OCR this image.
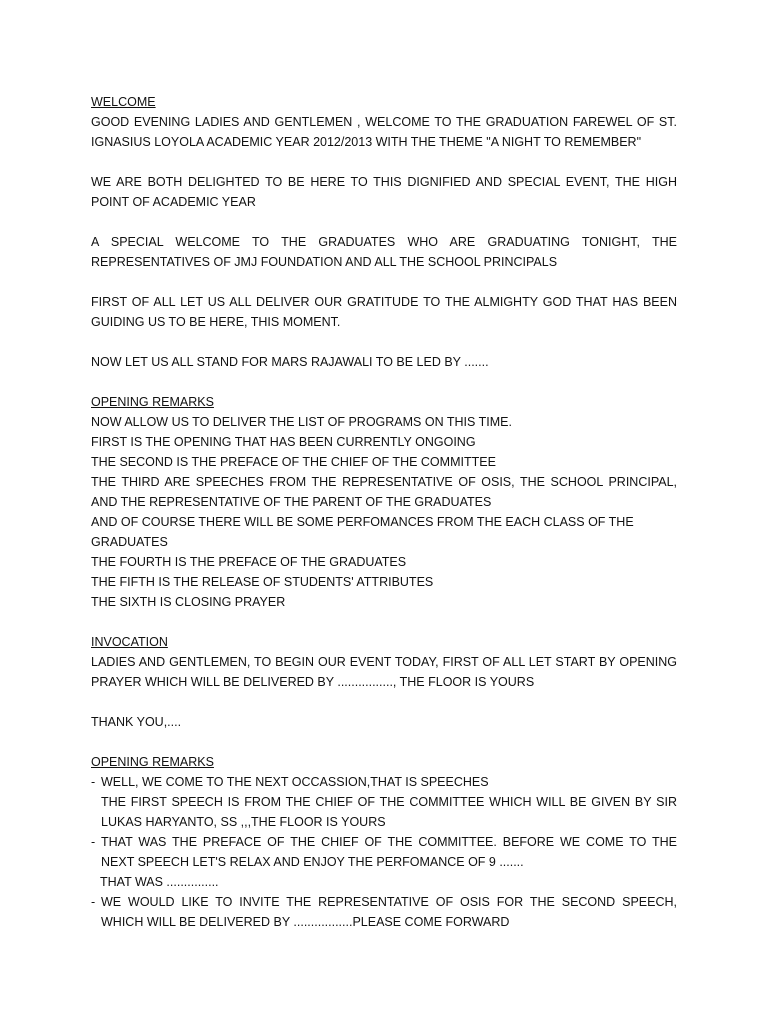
WELCOME

GOOD EVENING LADIES AND GENTLEMEN , WELCOME TO THE GRADUATION FAREWEL OF ST. IGNASIUS LOYOLA ACADEMIC YEAR 2012/2013 WITH THE THEME "A NIGHT TO REMEMBER"

WE ARE BOTH DELIGHTED TO BE HERE TO THIS DIGNIFIED AND SPECIAL EVENT, THE HIGH POINT OF ACADEMIC YEAR

A SPECIAL WELCOME TO THE GRADUATES WHO ARE GRADUATING TONIGHT, THE REPRESENTATIVES OF JMJ FOUNDATION AND ALL THE SCHOOL PRINCIPALS

FIRST OF ALL LET US ALL DELIVER OUR GRATITUDE TO THE ALMIGHTY GOD THAT HAS BEEN GUIDING US TO BE HERE, THIS MOMENT.

NOW LET US ALL STAND FOR MARS RAJAWALI TO BE LED BY .......

OPENING REMARKS

NOW ALLOW US TO DELIVER THE LIST OF PROGRAMS ON THIS TIME.

FIRST IS THE OPENING THAT HAS BEEN CURRENTLY ONGOING

THE SECOND IS THE PREFACE OF THE CHIEF OF THE COMMITTEE

THE THIRD ARE SPEECHES FROM THE REPRESENTATIVE OF OSIS, THE SCHOOL PRINCIPAL, AND THE REPRESENTATIVE OF THE PARENT OF THE GRADUATES

AND OF COURSE THERE WILL BE SOME PERFOMANCES FROM THE EACH CLASS OF THE GRADUATES

THE FOURTH IS THE PREFACE OF THE GRADUATES

THE FIFTH IS THE RELEASE OF STUDENTS' ATTRIBUTES

THE SIXTH IS CLOSING PRAYER

INVOCATION

LADIES AND GENTLEMEN, TO BEGIN OUR EVENT TODAY, FIRST OF ALL LET START BY OPENING PRAYER WHICH WILL BE DELIVERED BY ................, THE FLOOR IS YOURS

THANK YOU,....

OPENING REMARKS
- WELL, WE COME TO THE NEXT OCCASSION,THAT IS SPEECHES

THE FIRST SPEECH IS FROM THE CHIEF OF THE COMMITTEE WHICH WILL BE GIVEN BY SIR LUKAS HARYANTO, SS ,,,THE FLOOR IS YOURS

- THAT WAS THE PREFACE OF THE CHIEF OF THE COMMITTEE. BEFORE WE COME TO THE NEXT SPEECH LET'S RELAX AND ENJOY THE PERFOMANCE OF 9 .......

THAT WAS ...............

- WE WOULD LIKE TO INVITE THE REPRESENTATIVE OF OSIS FOR THE SECOND SPEECH, WHICH WILL BE DELIVERED BY .................PLEASE COME FORWARD
